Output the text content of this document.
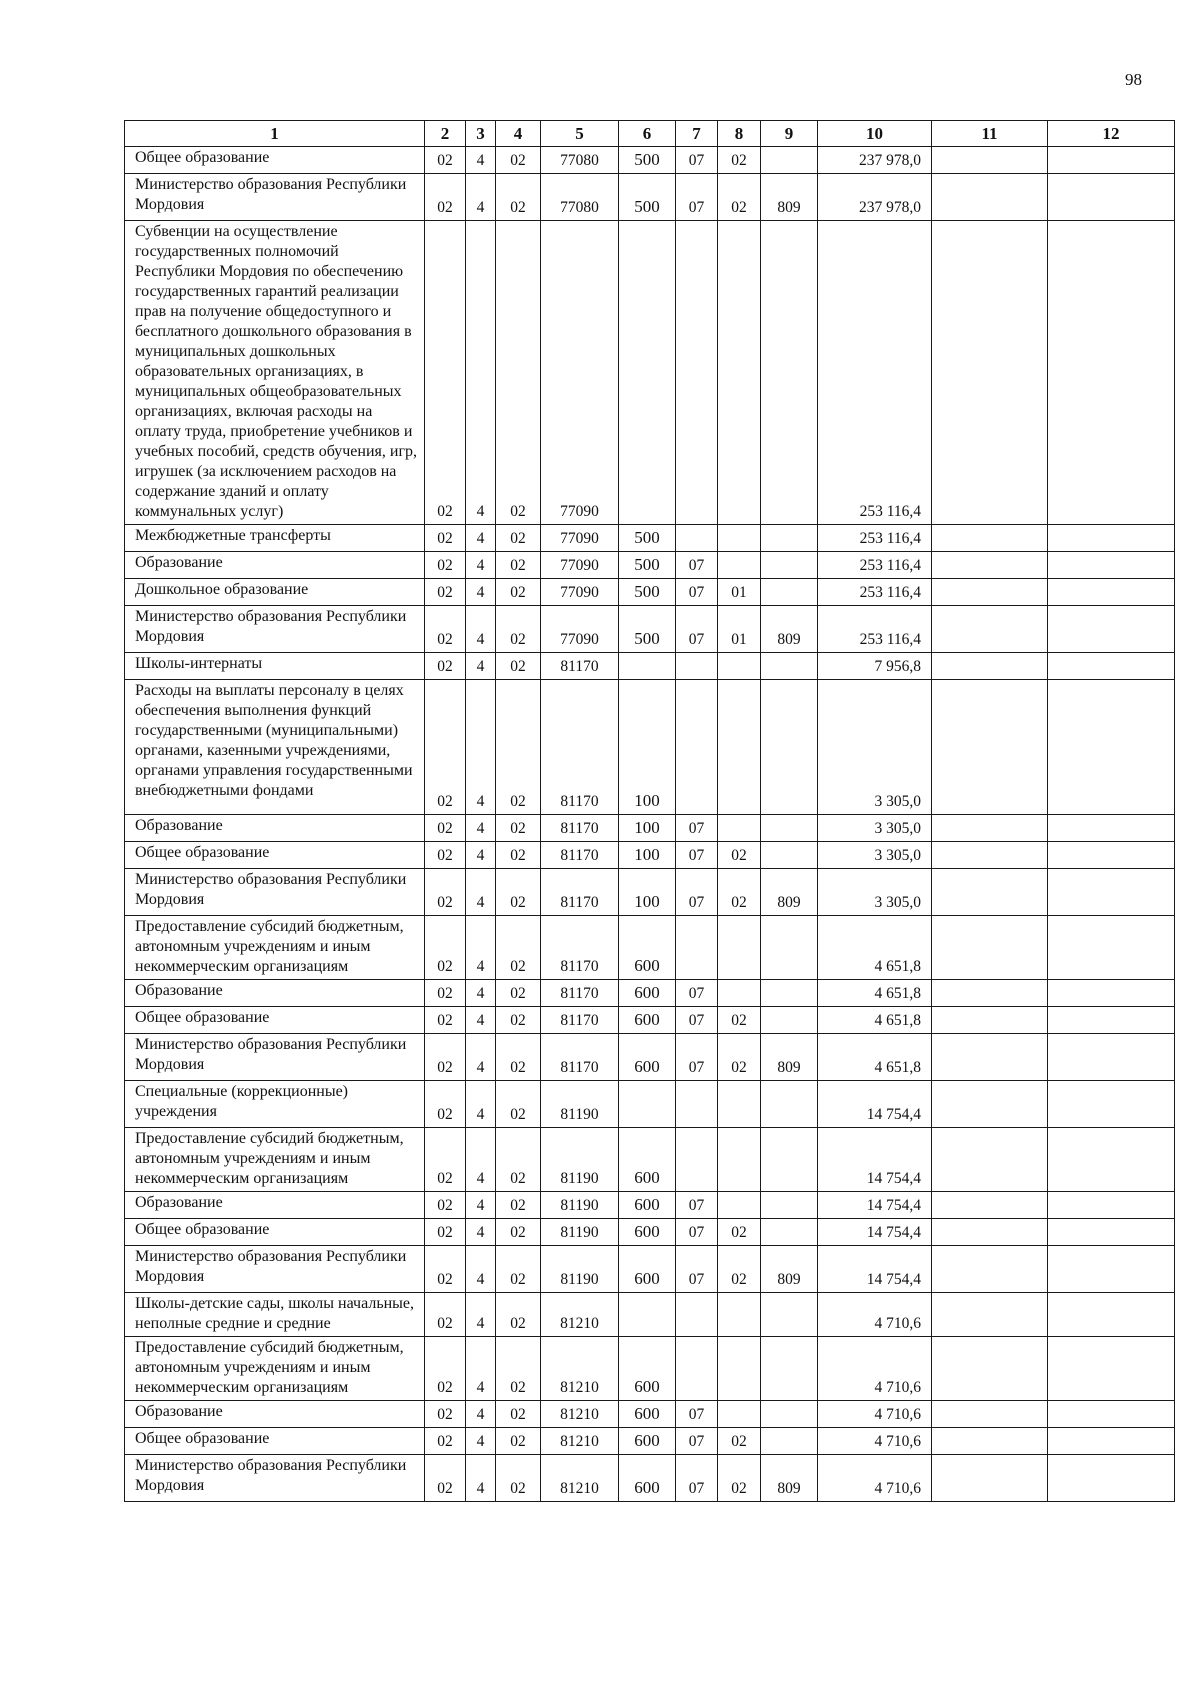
98
1	2	3	4	5	6	7	8	9	10	11	12
Общее образование	02	4	02	77080	500	07	02		237 978,0		
Министерство образования Республики Мордовия	02	4	02	77080	500	07	02	809	237 978,0		
Субвенции на осуществление государственных полномочий Республики Мордовия по обеспечению государственных гарантий реализации прав на получение общедоступного и бесплатного дошкольного образования в муниципальных дошкольных образовательных организациях, в муниципальных общеобразовательных организациях, включая расходы на оплату труда, приобретение учебников и учебных пособий, средств обучения, игр, игрушек (за исключением расходов на содержание зданий и оплату коммунальных услуг)	02	4	02	77090					253 116,4		
Межбюджетные трансферты	02	4	02	77090	500				253 116,4		
Образование	02	4	02	77090	500	07			253 116,4		
Дошкольное образование	02	4	02	77090	500	07	01		253 116,4		
Министерство образования Республики Мордовия	02	4	02	77090	500	07	01	809	253 116,4		
Школы-интернаты	02	4	02	81170					7 956,8		
Расходы на выплаты персоналу в целях обеспечения выполнения функций государственными (муниципальными) органами, казенными учреждениями, органами управления государственными внебюджетными фондами	02	4	02	81170	100				3 305,0		
Образование	02	4	02	81170	100	07			3 305,0		
Общее образование	02	4	02	81170	100	07	02		3 305,0		
Министерство образования Республики Мордовия	02	4	02	81170	100	07	02	809	3 305,0		
Предоставление субсидий бюджетным, автономным учреждениям и иным некоммерческим организациям	02	4	02	81170	600				4 651,8		
Образование	02	4	02	81170	600	07			4 651,8		
Общее образование	02	4	02	81170	600	07	02		4 651,8		
Министерство образования Республики Мордовия	02	4	02	81170	600	07	02	809	4 651,8		
Специальные (коррекционные) учреждения	02	4	02	81190					14 754,4		
Предоставление субсидий бюджетным, автономным учреждениям и иным некоммерческим организациям	02	4	02	81190	600				14 754,4		
Образование	02	4	02	81190	600	07			14 754,4		
Общее образование	02	4	02	81190	600	07	02		14 754,4		
Министерство образования Республики Мордовия	02	4	02	81190	600	07	02	809	14 754,4		
Школы-детские сады, школы начальные, неполные средние и средние	02	4	02	81210					4 710,6		
Предоставление субсидий бюджетным, автономным учреждениям и иным некоммерческим организациям	02	4	02	81210	600				4 710,6		
Образование	02	4	02	81210	600	07			4 710,6		
Общее образование	02	4	02	81210	600	07	02		4 710,6		
Министерство образования Республики Мордовия	02	4	02	81210	600	07	02	809	4 710,6		
